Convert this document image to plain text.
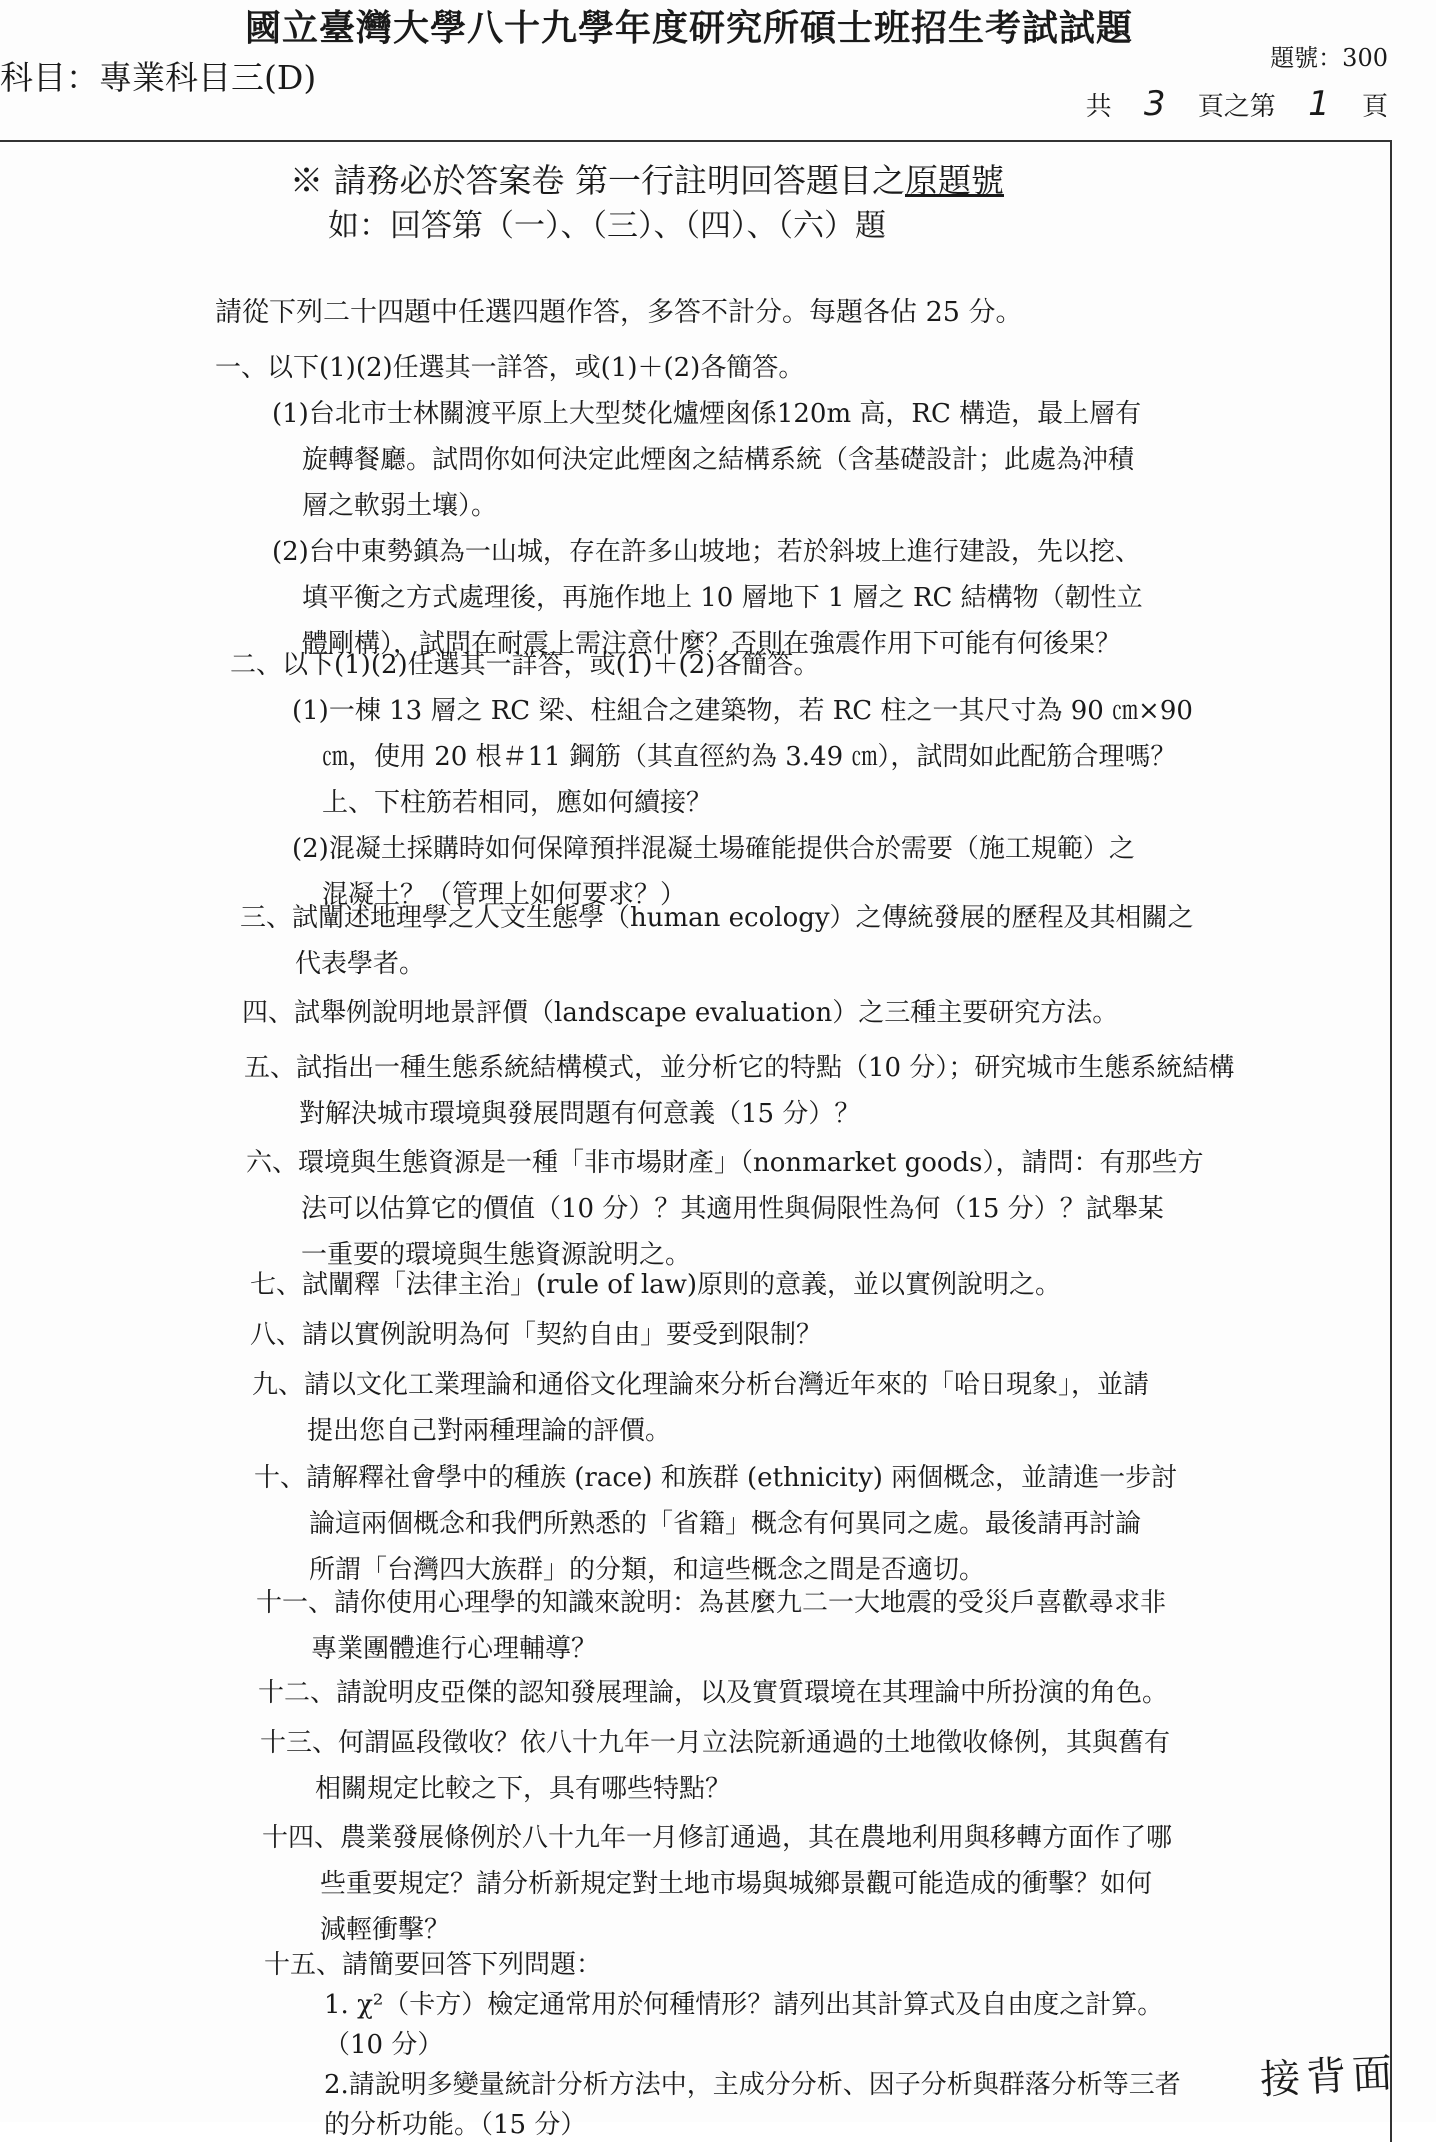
國立臺灣大學八十九學年度研究所碩士班招生考試試題
科目：專業科目三(D)	題號：300
共 3 頁之第 1 頁
※ 請務必於答案卷 第一行註明回答題目之原題號
如：回答第（一）、（三）、（四）、（六）題
請從下列二十四題中任選四題作答，多答不計分。每題各佔 25 分。
一、以下(1)(2)任選其一詳答，或(1)＋(2)各簡答。
(1)台北市士林關渡平原上大型焚化爐煙囪係120m 高，RC 構造，最上層有
旋轉餐廳。試問你如何決定此煙囪之結構系統（含基礎設計；此處為沖積
層之軟弱土壤）。
(2)台中東勢鎮為一山城，存在許多山坡地；若於斜坡上進行建設，先以挖、
填平衡之方式處理後，再施作地上 10 層地下 1 層之 RC 結構物（韌性立
體剛構），試問在耐震上需注意什麼？否則在強震作用下可能有何後果？
二、以下(1)(2)任選其一詳答，或(1)＋(2)各簡答。
(1)一棟 13 層之 RC 梁、柱組合之建築物，若 RC 柱之一其尺寸為 90 ㎝×90
㎝，使用 20 根＃11 鋼筋（其直徑約為 3.49 ㎝），試問如此配筋合理嗎？
上、下柱筋若相同，應如何續接？
(2)混凝土採購時如何保障預拌混凝土場確能提供合於需要（施工規範）之
混凝土？（管理上如何要求？）
三、試闡述地理學之人文生態學（human ecology）之傳統發展的歷程及其相關之
代表學者。
四、試舉例說明地景評價（landscape evaluation）之三種主要研究方法。
五、試指出一種生態系統結構模式，並分析它的特點（10 分）；研究城市生態系統結構
對解決城市環境與發展問題有何意義（15 分）？
六、環境與生態資源是一種「非市場財產」（nonmarket goods），請問：有那些方
法可以估算它的價值（10 分）？其適用性與侷限性為何（15 分）？試舉某
一重要的環境與生態資源說明之。
七、試闡釋「法律主治」(rule of law)原則的意義，並以實例說明之。
八、請以實例說明為何「契約自由」要受到限制？
九、請以文化工業理論和通俗文化理論來分析台灣近年來的「哈日現象」，並請
提出您自己對兩種理論的評價。
十、請解釋社會學中的種族 (race) 和族群 (ethnicity) 兩個概念，並請進一步討
論這兩個概念和我們所熟悉的「省籍」概念有何異同之處。最後請再討論
所謂「台灣四大族群」的分類，和這些概念之間是否適切。
十一、請你使用心理學的知識來說明：為甚麼九二一大地震的受災戶喜歡尋求非
專業團體進行心理輔導？
十二、請說明皮亞傑的認知發展理論，以及實質環境在其理論中所扮演的角色。
十三、何謂區段徵收？依八十九年一月立法院新通過的土地徵收條例，其與舊有
相關規定比較之下，具有哪些特點？
十四、農業發展條例於八十九年一月修訂通過，其在農地利用與移轉方面作了哪
些重要規定？請分析新規定對土地市場與城鄉景觀可能造成的衝擊？如何
減輕衝擊？
十五、請簡要回答下列問題：
1. χ²（卡方）檢定通常用於何種情形？請列出其計算式及自由度之計算。
（10 分）
2.請說明多變量統計分析方法中，主成分分析、因子分析與群落分析等三者
的分析功能。（15 分）
接背面
